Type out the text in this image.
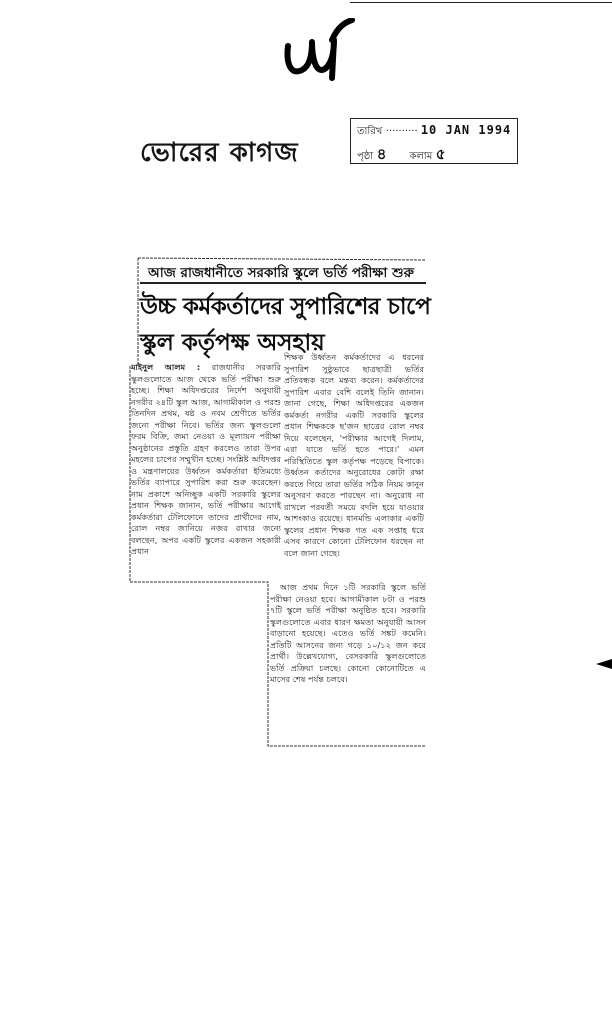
ভোরের কাগজ
তারিখ ·········· 10 JAN 1994
পৃষ্ঠা ৪ কলাম ৫
আজ রাজধানীতে সরকারি স্কুলে ভর্তি পরীক্ষা শুরু
উচ্চ কর্মকর্তাদের সুপারিশের চাপে
স্কুল কর্তৃপক্ষ অসহায়

মাইনুল আলম : রাজধানীর সরকারি স্কুলগুলোতে আজ থেকে ভর্তি পরীক্ষা শুরু হচ্ছে। শিক্ষা অধিদপ্তরের নির্দেশ অনুযায়ী নগরীর ২৪টি স্কুল আজ, আগামীকাল ও পরশু তিনদিন প্রথম, ষষ্ঠ ও নবম শ্রেণীতে ভর্তির জন্যে পরীক্ষা নিবে। ভর্তির জন্য স্কুলগুলো ফরম বিক্রি, জমা নেওয়া ও মূল্যায়ন পরীক্ষা অনুষ্ঠানের প্রস্তুতি গ্রহণ করলেও তারা উপর মহলের চাপের সম্মুখীন হচ্ছে। সংশ্লিষ্ট অধিদপ্তর ও মন্ত্রণালয়ের উর্ধ্বতন কর্মকর্তারা ইতিমধ্যে ভর্তির ব্যাপারে সুপারিশ করা শুরু করেছেন। নাম প্রকাশে অনিচ্ছুক একটি সরকারি স্কুলের প্রধান শিক্ষক জানান, ভর্তি পরীক্ষার আগেই কর্মকর্তারা টেলিফোনে তাদের প্রার্থীদের নাম, রোল নম্বর জানিয়ে নজর রাখার জন্যে বলছেন, অপর একটি স্কুলের একজন সহকারী প্রধান

শিক্ষক উর্ধ্বতন কর্মকর্তাদের এ ধরনের সুপারিশ সুষ্ঠুভাবে ছাত্রছাত্রী ভর্তির প্রতিবন্ধক বলে মন্তব্য করেন। কর্মকর্তাদের সুপারিশ এবার বেশি বলেই তিনি জানান। জানা গেছে, শিক্ষা অধিদপ্তরের একজন কর্মকর্তা নগরীর একটি সরকারি স্কুলের প্রধান শিক্ষককে ছ'জন ছাত্রের রোল নম্বর দিয়ে বলেছেন, 'পরীক্ষার আগেই দিলাম, এরা যাতে ভর্তি হতে পারে।' এমন পরিস্থিতিতে স্কুল কর্তৃপক্ষ পড়েছে বিপাকে। উর্ধ্বতন কর্তাদের অনুরোধের কোটা রক্ষা করতে গিয়ে তারা ভর্তির সঠিক নিয়ম কানুন অনুসরণ করতে পারছেন না। অনুরোধ না রাখলে পরবর্তী সময়ে বদলি হয়ে যাওয়ার আশংকাও রয়েছে। ধানমন্ডি এলাকার একটি স্কুলের প্রধান শিক্ষক গত এক সপ্তাহ ধরে এসব কারণে কোনো টেলিফোন ধরছেন না বলে জানা গেছে।

আজ প্রথম দিনে ১টি সরকারি স্কুলে ভর্তি পরীক্ষা নেওয়া হবে। আগামীকাল ৮টা ও পরশু ৭টি স্কুলে ভর্তি পরীক্ষা অনুষ্ঠিত হবে। সরকারি স্কুলগুলোতে এবার ধারণ ক্ষমতা অনুযায়ী আসন বাড়ানো হয়েছে। এতেও ভর্তি সঙ্কট কমেনি। প্রতিটি আসনের জন্য গড়ে ১০/১২ জন করে প্রার্থী। উল্লেখযোগ্য, বেসরকারি স্কুলগুলোতে ভর্তি প্রক্রিয়া চলছে। কোনো কোনোটিতে এ মাসের শেষ পর্যন্ত চলবে।
